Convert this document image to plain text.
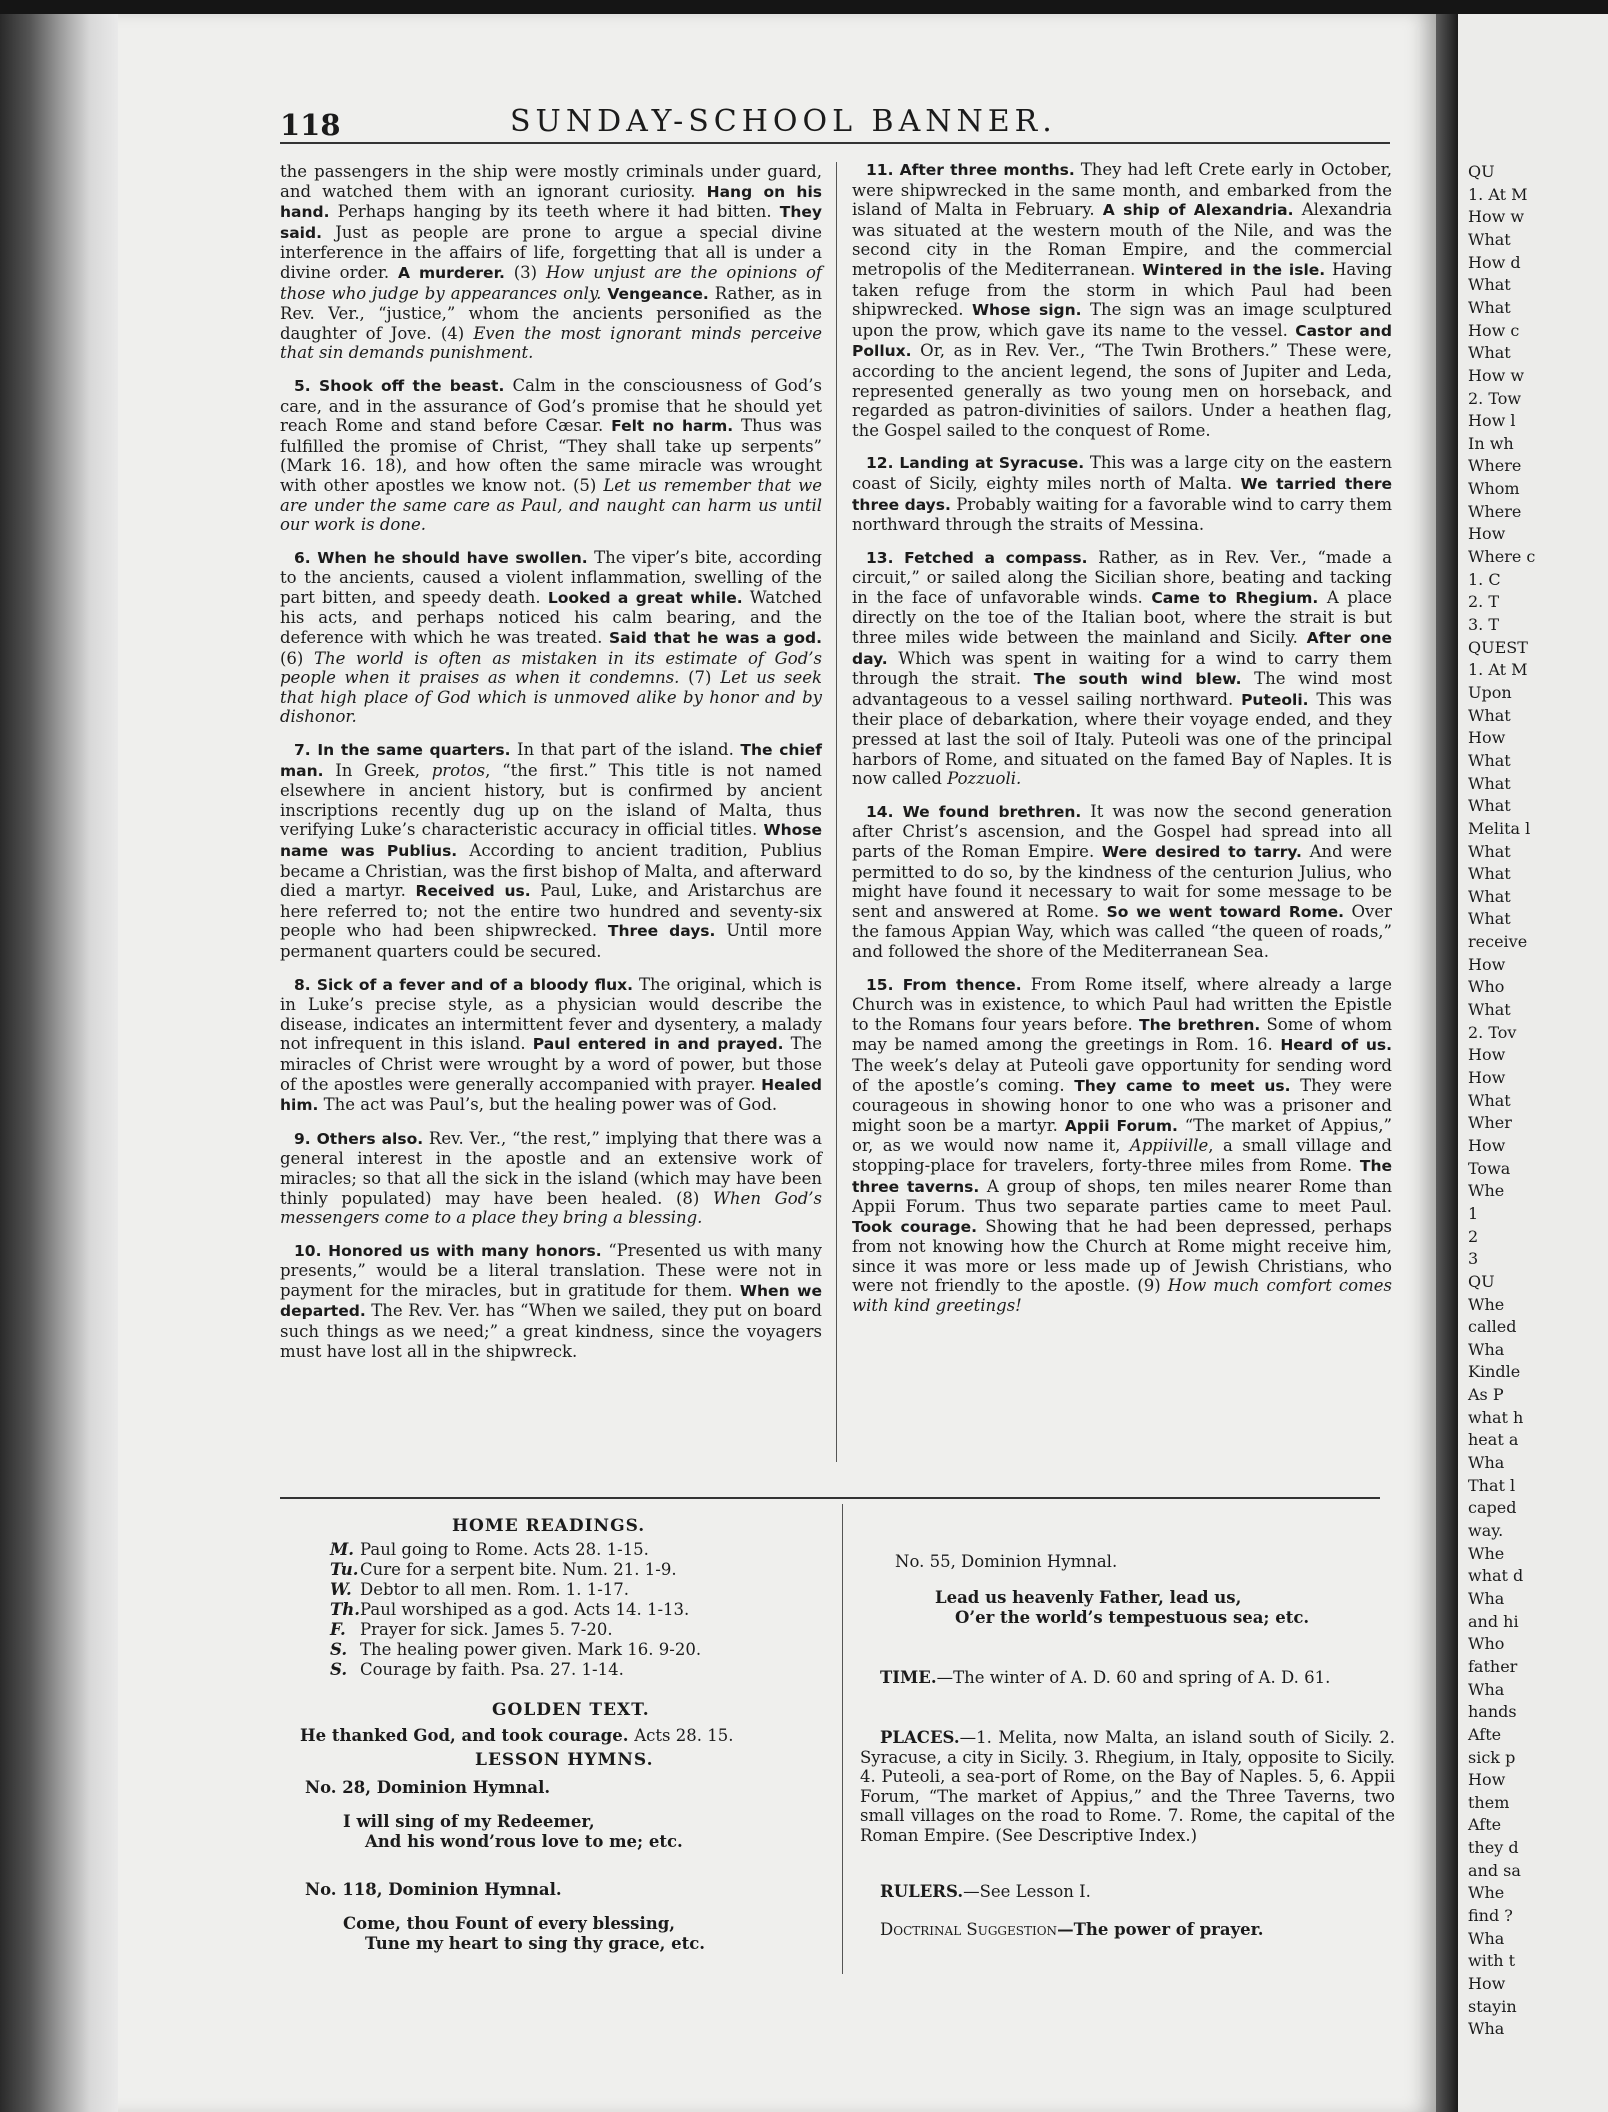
QU
1. At M
How w
What
How d
What
What
How c
What
How w
2. Tow
How l
In wh
Where
Whom
Where
How
Where c
1. C
2. T
3. T
QUEST
1. At M
Upon
What
How
What
What
What
Melita l
What
What
What
What
receive
How
Who
What
2. Tov
How
How
What
Wher
How
Towa
Whe
1
2
3
QU
Whe
called
Wha
Kindle
As P
what h
heat a
Wha
That l
caped
way.
Whe
what d
Wha
and hi
Who
father
Wha
hands
Afte
sick p
How
them
Afte
they d
and sa
Whe
find ?
Wha
with t
How
stayin
Wha
118	SUNDAY-SCHOOL BANNER.

the passengers in the ship were mostly criminals under guard, and watched them with an ignorant curiosity. Hang on his hand. Perhaps hanging by its teeth where it had bitten. They said. Just as people are prone to argue a special divine interference in the affairs of life, forgetting that all is under a divine order. A murderer. (3) How unjust are the opinions of those who judge by appearances only. Vengeance. Rather, as in Rev. Ver., “justice,” whom the ancients personified as the daughter of Jove. (4) Even the most ignorant minds perceive that sin demands punishment.

5. Shook off the beast. Calm in the consciousness of God’s care, and in the assurance of God’s promise that he should yet reach Rome and stand before Cæsar. Felt no harm. Thus was fulfilled the promise of Christ, “They shall take up serpents” (Mark 16. 18), and how often the same miracle was wrought with other apostles we know not. (5) Let us remember that we are under the same care as Paul, and naught can harm us until our work is done.

6. When he should have swollen. The viper’s bite, according to the ancients, caused a violent inflammation, swelling of the part bitten, and speedy death. Looked a great while. Watched his acts, and perhaps noticed his calm bearing, and the deference with which he was treated. Said that he was a god. (6) The world is often as mistaken in its estimate of God’s people when it praises as when it condemns. (7) Let us seek that high place of God which is unmoved alike by honor and by dishonor.

7. In the same quarters. In that part of the island. The chief man. In Greek, protos, “the first.” This title is not named elsewhere in ancient history, but is confirmed by ancient inscriptions recently dug up on the island of Malta, thus verifying Luke’s characteristic accuracy in official titles. Whose name was Publius. According to ancient tradition, Publius became a Christian, was the first bishop of Malta, and afterward died a martyr. Received us. Paul, Luke, and Aristarchus are here referred to; not the entire two hundred and seventy-six people who had been shipwrecked. Three days. Until more permanent quarters could be secured.

8. Sick of a fever and of a bloody flux. The original, which is in Luke’s precise style, as a physician would describe the disease, indicates an intermittent fever and dysentery, a malady not infrequent in this island. Paul entered in and prayed. The miracles of Christ were wrought by a word of power, but those of the apostles were generally accompanied with prayer. Healed him. The act was Paul’s, but the healing power was of God.

9. Others also. Rev. Ver., “the rest,” implying that there was a general interest in the apostle and an extensive work of miracles; so that all the sick in the island (which may have been thinly populated) may have been healed. (8) When God’s messengers come to a place they bring a blessing.

10. Honored us with many honors. “Presented us with many presents,” would be a literal translation. These were not in payment for the miracles, but in gratitude for them. When we departed. The Rev. Ver. has “When we sailed, they put on board such things as we need;” a great kindness, since the voyagers must have lost all in the shipwreck.

11. After three months. They had left Crete early in October, were shipwrecked in the same month, and embarked from the island of Malta in February. A ship of Alexandria. Alexandria was situated at the western mouth of the Nile, and was the second city in the Roman Empire, and the commercial metropolis of the Mediterranean. Wintered in the isle. Having taken refuge from the storm in which Paul had been shipwrecked. Whose sign. The sign was an image sculptured upon the prow, which gave its name to the vessel. Castor and Pollux. Or, as in Rev. Ver., “The Twin Brothers.” These were, according to the ancient legend, the sons of Jupiter and Leda, represented generally as two young men on horseback, and regarded as patron-divinities of sailors. Under a heathen flag, the Gospel sailed to the conquest of Rome.

12. Landing at Syracuse. This was a large city on the eastern coast of Sicily, eighty miles north of Malta. We tarried there three days. Probably waiting for a favorable wind to carry them northward through the straits of Messina.

13. Fetched a compass. Rather, as in Rev. Ver., “made a circuit,” or sailed along the Sicilian shore, beating and tacking in the face of unfavorable winds. Came to Rhegium. A place directly on the toe of the Italian boot, where the strait is but three miles wide between the mainland and Sicily. After one day. Which was spent in waiting for a wind to carry them through the strait. The south wind blew. The wind most advantageous to a vessel sailing northward. Puteoli. This was their place of debarkation, where their voyage ended, and they pressed at last the soil of Italy. Puteoli was one of the principal harbors of Rome, and situated on the famed Bay of Naples. It is now called Pozzuoli.

14. We found brethren. It was now the second generation after Christ’s ascension, and the Gospel had spread into all parts of the Roman Empire. Were desired to tarry. And were permitted to do so, by the kindness of the centurion Julius, who might have found it necessary to wait for some message to be sent and answered at Rome. So we went toward Rome. Over the famous Appian Way, which was called “the queen of roads,” and followed the shore of the Mediterranean Sea.

15. From thence. From Rome itself, where already a large Church was in existence, to which Paul had written the Epistle to the Romans four years before. The brethren. Some of whom may be named among the greetings in Rom. 16. Heard of us. The week’s delay at Puteoli gave opportunity for sending word of the apostle’s coming. They came to meet us. They were courageous in showing honor to one who was a prisoner and might soon be a martyr. Appii Forum. “The market of Appius,” or, as we would now name it, Appiiville, a small village and stopping-place for travelers, forty-three miles from Rome. The three taverns. A group of shops, ten miles nearer Rome than Appii Forum. Thus two separate parties came to meet Paul. Took courage. Showing that he had been depressed, perhaps from not knowing how the Church at Rome might receive him, since it was more or less made up of Jewish Christians, who were not friendly to the apostle. (9) How much comfort comes with kind greetings!

HOME READINGS.
M. Paul going to Rome. Acts 28. 1-15.
Tu.Cure for a serpent bite. Num. 21. 1-9.
W. Debtor to all men. Rom. 1. 1-17.
Th.Paul worshiped as a god. Acts 14. 1-13.
F. Prayer for sick. James 5. 7-20.
S. The healing power given. Mark 16. 9-20.
S. Courage by faith. Psa. 27. 1-14.
GOLDEN TEXT.
He thanked God, and took courage. Acts 28. 15.
LESSON HYMNS.
No. 28, Dominion Hymnal.
I will sing of my Redeemer,
And his wond’rous love to me; etc.
No. 118, Dominion Hymnal.
Come, thou Fount of every blessing,
Tune my heart to sing thy grace, etc.
No. 55, Dominion Hymnal.
Lead us heavenly Father, lead us,
O’er the world’s tempestuous sea; etc.
TIME.—The winter of A. D. 60 and spring of A. D. 61.
PLACES.—1. Melita, now Malta, an island south of Sicily. 2. Syracuse, a city in Sicily. 3. Rhegium, in Italy, opposite to Sicily. 4. Puteoli, a sea-port of Rome, on the Bay of Naples. 5, 6. Appii Forum, “The market of Appius,” and the Three Taverns, two small villages on the road to Rome. 7. Rome, the capital of the Roman Empire. (See Descriptive Index.)
RULERS.—See Lesson I.
Doctrinal Suggestion—The power of prayer.
